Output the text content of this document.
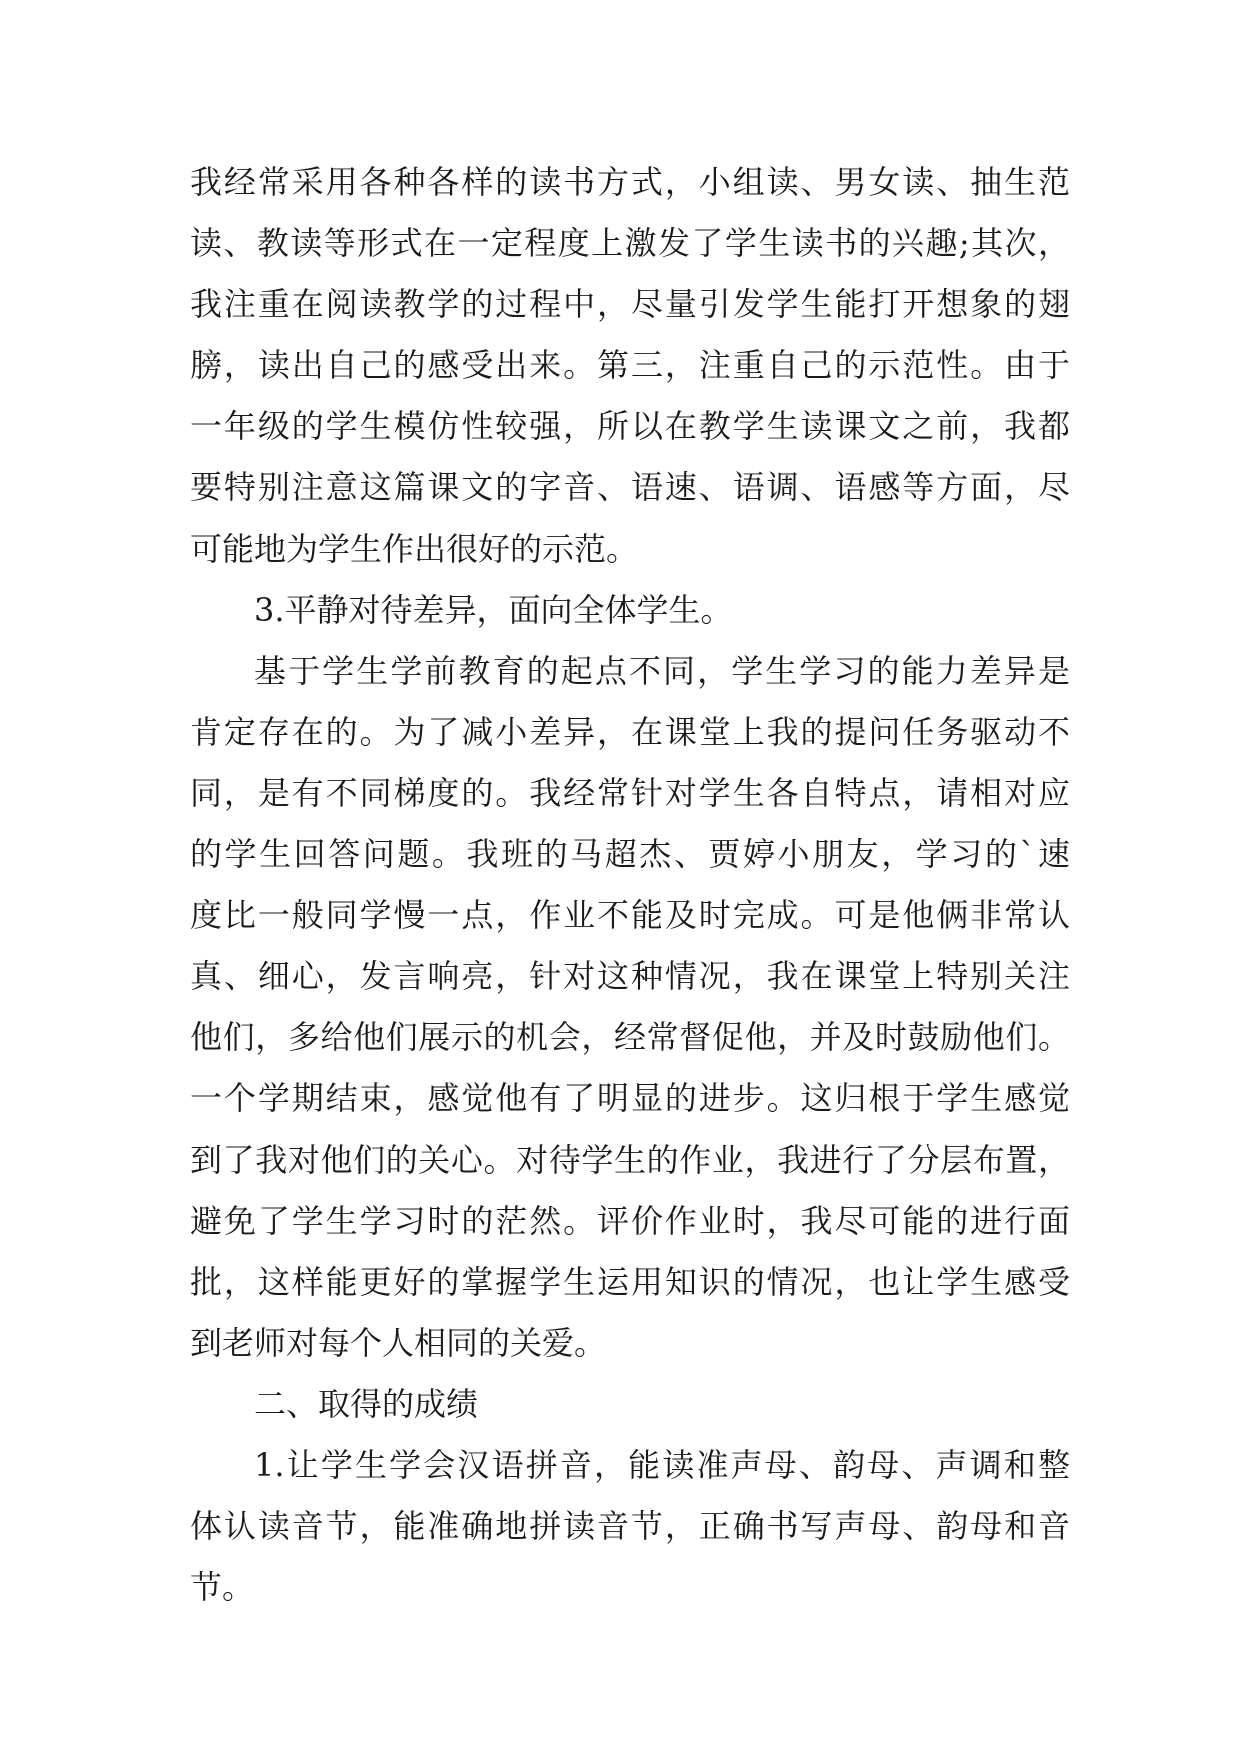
我经常采用各种各样的读书方式，小组读、男女读、抽生范
读、教读等形式在一定程度上激发了学生读书的兴趣;其次，
我注重在阅读教学的过程中，尽量引发学生能打开想象的翅
膀，读出自己的感受出来。第三，注重自己的示范性。由于
一年级的学生模仿性较强，所以在教学生读课文之前，我都
要特别注意这篇课文的字音、语速、语调、语感等方面，尽
可能地为学生作出很好的示范。
3.平静对待差异，面向全体学生。
基于学生学前教育的起点不同，学生学习的能力差异是
肯定存在的。为了减小差异，在课堂上我的提问任务驱动不
同，是有不同梯度的。我经常针对学生各自特点，请相对应
的学生回答问题。我班的马超杰、贾婷小朋友，学习的`速
度比一般同学慢一点，作业不能及时完成。可是他俩非常认
真、细心，发言响亮，针对这种情况，我在课堂上特别关注
他们，多给他们展示的机会，经常督促他，并及时鼓励他们。
一个学期结束，感觉他有了明显的进步。这归根于学生感觉
到了我对他们的关心。对待学生的作业，我进行了分层布置，
避免了学生学习时的茫然。评价作业时，我尽可能的进行面
批，这样能更好的掌握学生运用知识的情况，也让学生感受
到老师对每个人相同的关爱。
二、取得的成绩
1.让学生学会汉语拼音，能读准声母、韵母、声调和整
体认读音节，能准确地拼读音节，正确书写声母、韵母和音
节。
